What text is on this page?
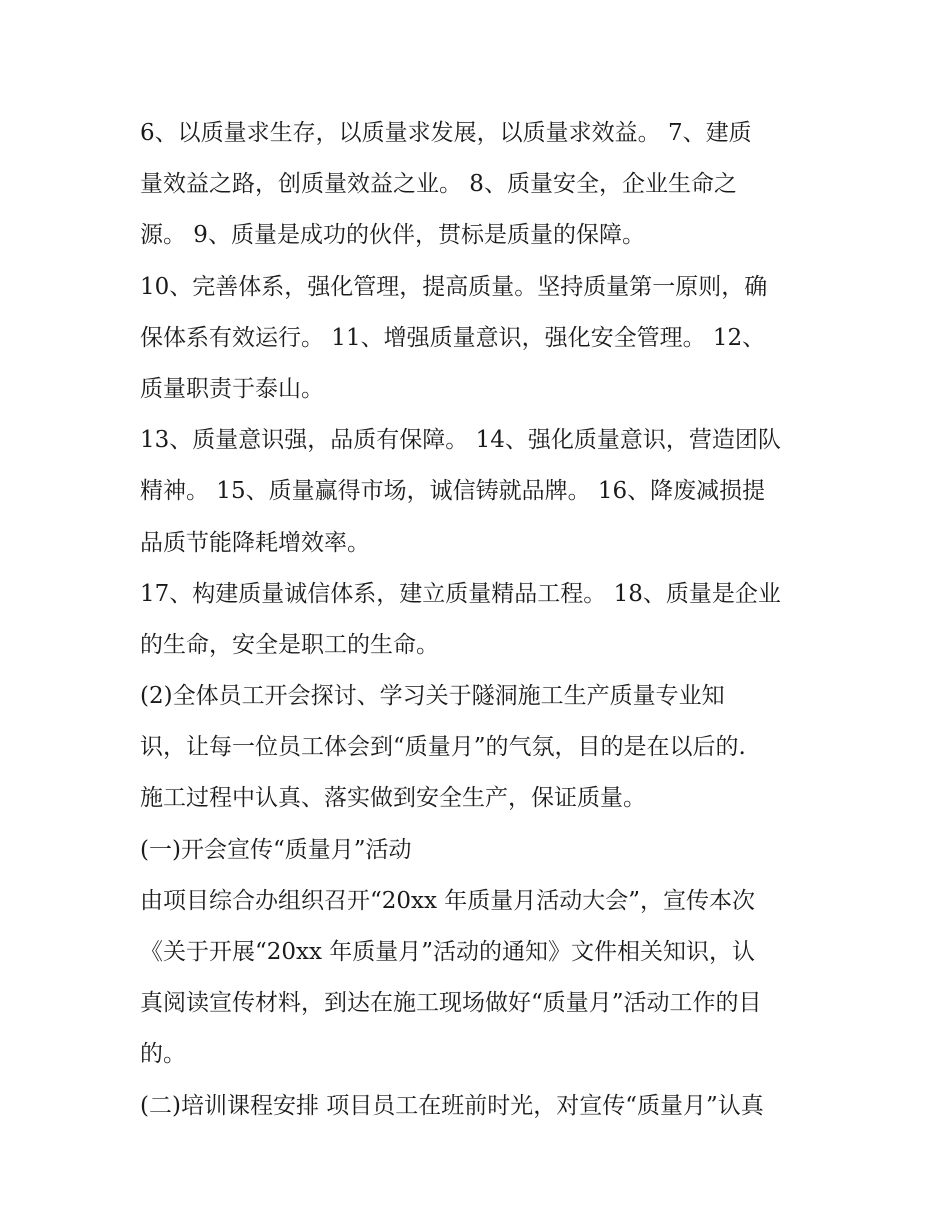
6、以质量求生存，以质量求发展，以质量求效益。 7、建质
量效益之路，创质量效益之业。 8、质量安全，企业生命之
源。 9、质量是成功的伙伴，贯标是质量的保障。
10、完善体系，强化管理，提高质量。坚持质量第一原则，确
保体系有效运行。 11、增强质量意识，强化安全管理。 12、
质量职责于泰山。
13、质量意识强，品质有保障。 14、强化质量意识，营造团队
精神。 15、质量赢得市场，诚信铸就品牌。 16、降废减损提
品质节能降耗增效率。
17、构建质量诚信体系，建立质量精品工程。 18、质量是企业
的生命，安全是职工的生命。
(2)全体员工开会探讨、学习关于隧洞施工生产质量专业知
识，让每一位员工体会到“质量月”的气氛，目的是在以后的.
施工过程中认真、落实做到安全生产，保证质量。
(一)开会宣传“质量月”活动
由项目综合办组织召开“20xx 年质量月活动大会”，宣传本次
《关于开展“20xx 年质量月”活动的通知》文件相关知识，认
真阅读宣传材料，到达在施工现场做好“质量月”活动工作的目
的。
(二)培训课程安排 项目员工在班前时光，对宣传“质量月”认真
